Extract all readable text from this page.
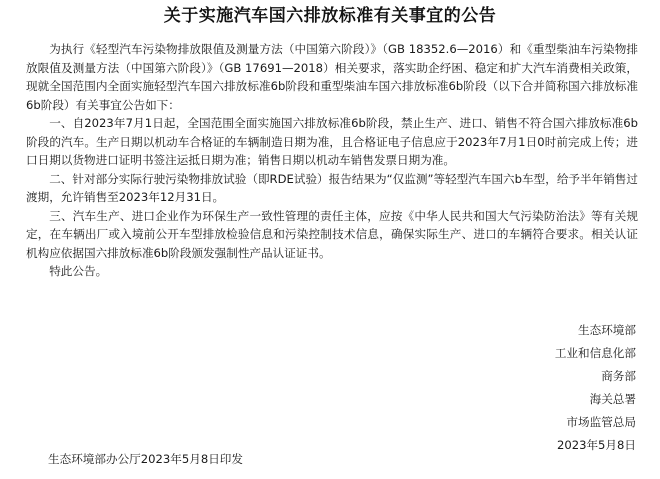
关于实施汽车国六排放标准有关事宜的公告

为执行《轻型汽车污染物排放限值及测量方法（中国第六阶段）》（GB 18352.6—2016）和《重型柴油车污染物排放限值及测量方法（中国第六阶段）》（GB 17691—2018）相关要求，落实助企纾困、稳定和扩大汽车消费相关政策，现就全国范围内全面实施轻型汽车国六排放标准6b阶段和重型柴油车国六排放标准6b阶段（以下合并简称国六排放标准6b阶段）有关事宜公告如下：

一、自2023年7月1日起，全国范围全面实施国六排放标准6b阶段，禁止生产、进口、销售不符合国六排放标准6b阶段的汽车。生产日期以机动车合格证的车辆制造日期为准，且合格证电子信息应于2023年7月1日0时前完成上传；进口日期以货物进口证明书签注运抵日期为准；销售日期以机动车销售发票日期为准。

二、针对部分实际行驶污染物排放试验（即RDE试验）报告结果为“仅监测”等轻型汽车国六b车型，给予半年销售过渡期，允许销售至2023年12月31日。

三、汽车生产、进口企业作为环保生产一致性管理的责任主体，应按《中华人民共和国大气污染防治法》等有关规定，在车辆出厂或入境前公开车型排放检验信息和污染控制技术信息，确保实际生产、进口的车辆符合要求。相关认证机构应依据国六排放标准6b阶段颁发强制性产品认证证书。

特此公告。

生态环境部
工业和信息化部
商务部
海关总署
市场监管总局
2023年5月8日
生态环境部办公厅2023年5月8日印发
